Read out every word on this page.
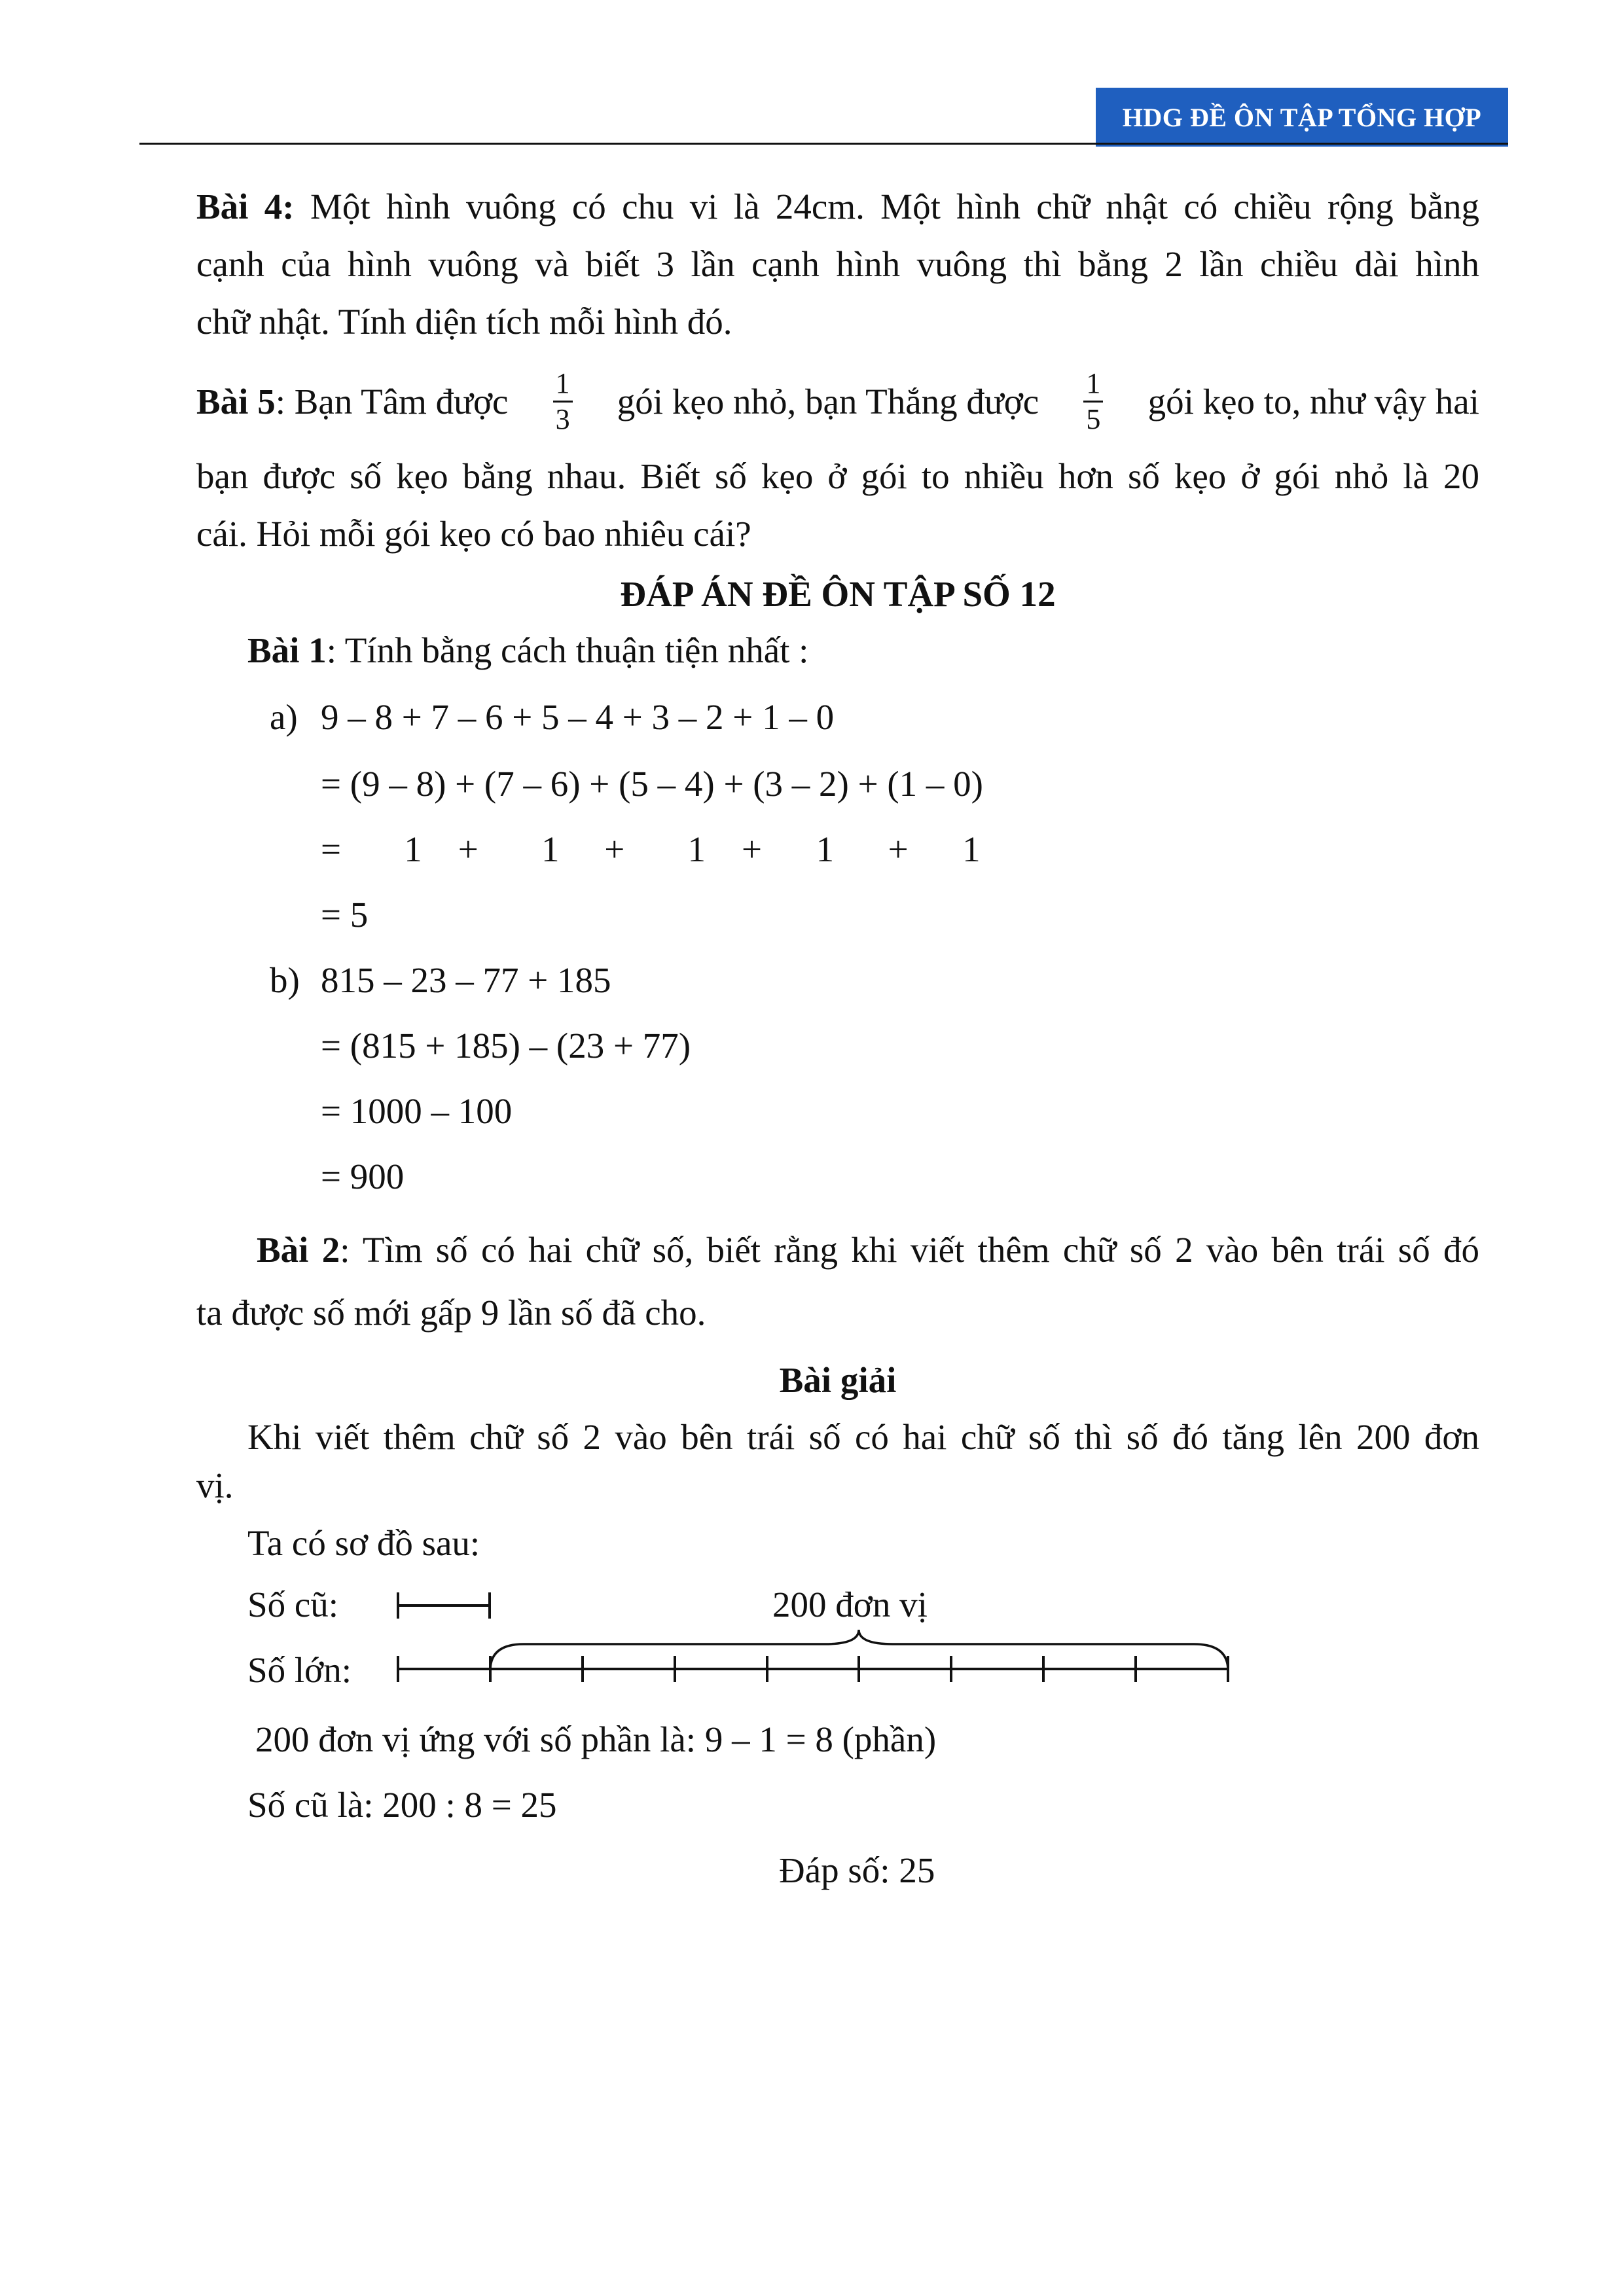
HDG ĐỀ ÔN TẬP TỔNG HỢP
Bài 4: Một hình vuông có chu vi là 24cm. Một hình chữ nhật có chiều rộng bằng
cạnh của hình vuông và biết 3 lần cạnh hình vuông thì bằng 2 lần chiều dài hình
chữ nhật. Tính diện tích mỗi hình đó.
Bài 5: Bạn Tâm được $\frac{1}{3}$ gói kẹo nhỏ, bạn Thắng được $\frac{1}{5}$ gói kẹo to, như vậy hai
bạn được số kẹo bằng nhau. Biết số kẹo ở gói to nhiều hơn số kẹo ở gói nhỏ là 20
cái. Hỏi mỗi gói kẹo có bao nhiêu cái?
ĐÁP ÁN ĐỀ ÔN TẬP SỐ 12
Bài 1: Tính bằng cách thuận tiện nhất :
a) 9 – 8 + 7 – 6 + 5 – 4 + 3 – 2 + 1 – 0
= (9 – 8) + (7 – 6) + (5 – 4) + (3 – 2) + (1 – 0)
=       1    +       1     +       1    +      1      +      1
= 5
b) 815 – 23 – 77 + 185
= (815 + 185) – (23 + 77)
= 1000 – 100
= 900
Bài 2: Tìm số có hai chữ số, biết rằng khi viết thêm chữ số 2 vào bên trái số đó
ta được số mới gấp 9 lần số đã cho.
Bài giải
Khi viết thêm chữ số 2 vào bên trái số có hai chữ số thì số đó tăng lên 200 đơn
vị.
Ta có sơ đồ sau:
Số cũ:
Số lớn:
200 đơn vị
200 đơn vị ứng với số phần là: 9 – 1 = 8 (phần)
Số cũ là: 200 : 8 = 25
Đáp số: 25
